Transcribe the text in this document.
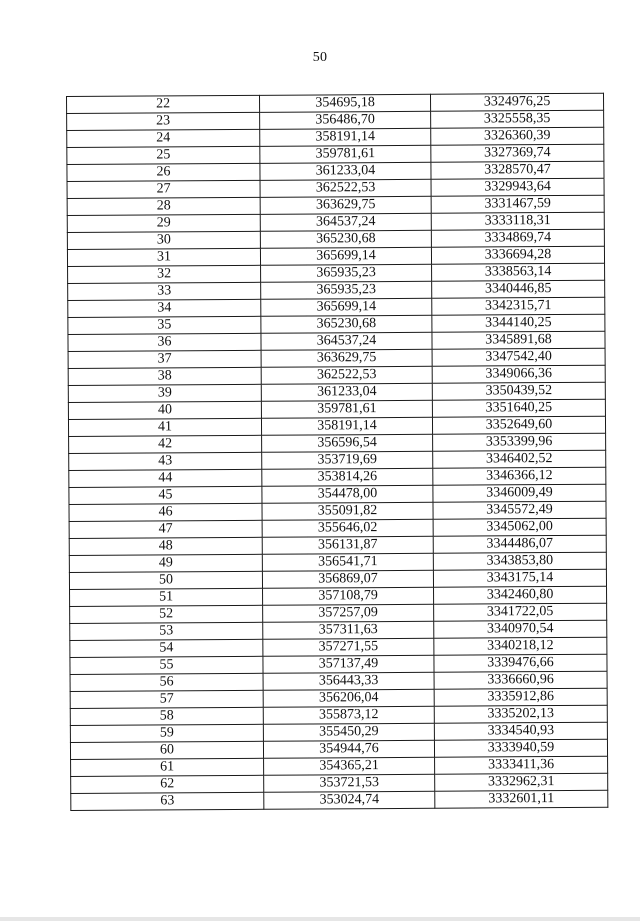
50
22	354695,18	3324976,25
23	356486,70	3325558,35
24	358191,14	3326360,39
25	359781,61	3327369,74
26	361233,04	3328570,47
27	362522,53	3329943,64
28	363629,75	3331467,59
29	364537,24	3333118,31
30	365230,68	3334869,74
31	365699,14	3336694,28
32	365935,23	3338563,14
33	365935,23	3340446,85
34	365699,14	3342315,71
35	365230,68	3344140,25
36	364537,24	3345891,68
37	363629,75	3347542,40
38	362522,53	3349066,36
39	361233,04	3350439,52
40	359781,61	3351640,25
41	358191,14	3352649,60
42	356596,54	3353399,96
43	353719,69	3346402,52
44	353814,26	3346366,12
45	354478,00	3346009,49
46	355091,82	3345572,49
47	355646,02	3345062,00
48	356131,87	3344486,07
49	356541,71	3343853,80
50	356869,07	3343175,14
51	357108,79	3342460,80
52	357257,09	3341722,05
53	357311,63	3340970,54
54	357271,55	3340218,12
55	357137,49	3339476,66
56	356443,33	3336660,96
57	356206,04	3335912,86
58	355873,12	3335202,13
59	355450,29	3334540,93
60	354944,76	3333940,59
61	354365,21	3333411,36
62	353721,53	3332962,31
63	353024,74	3332601,11
